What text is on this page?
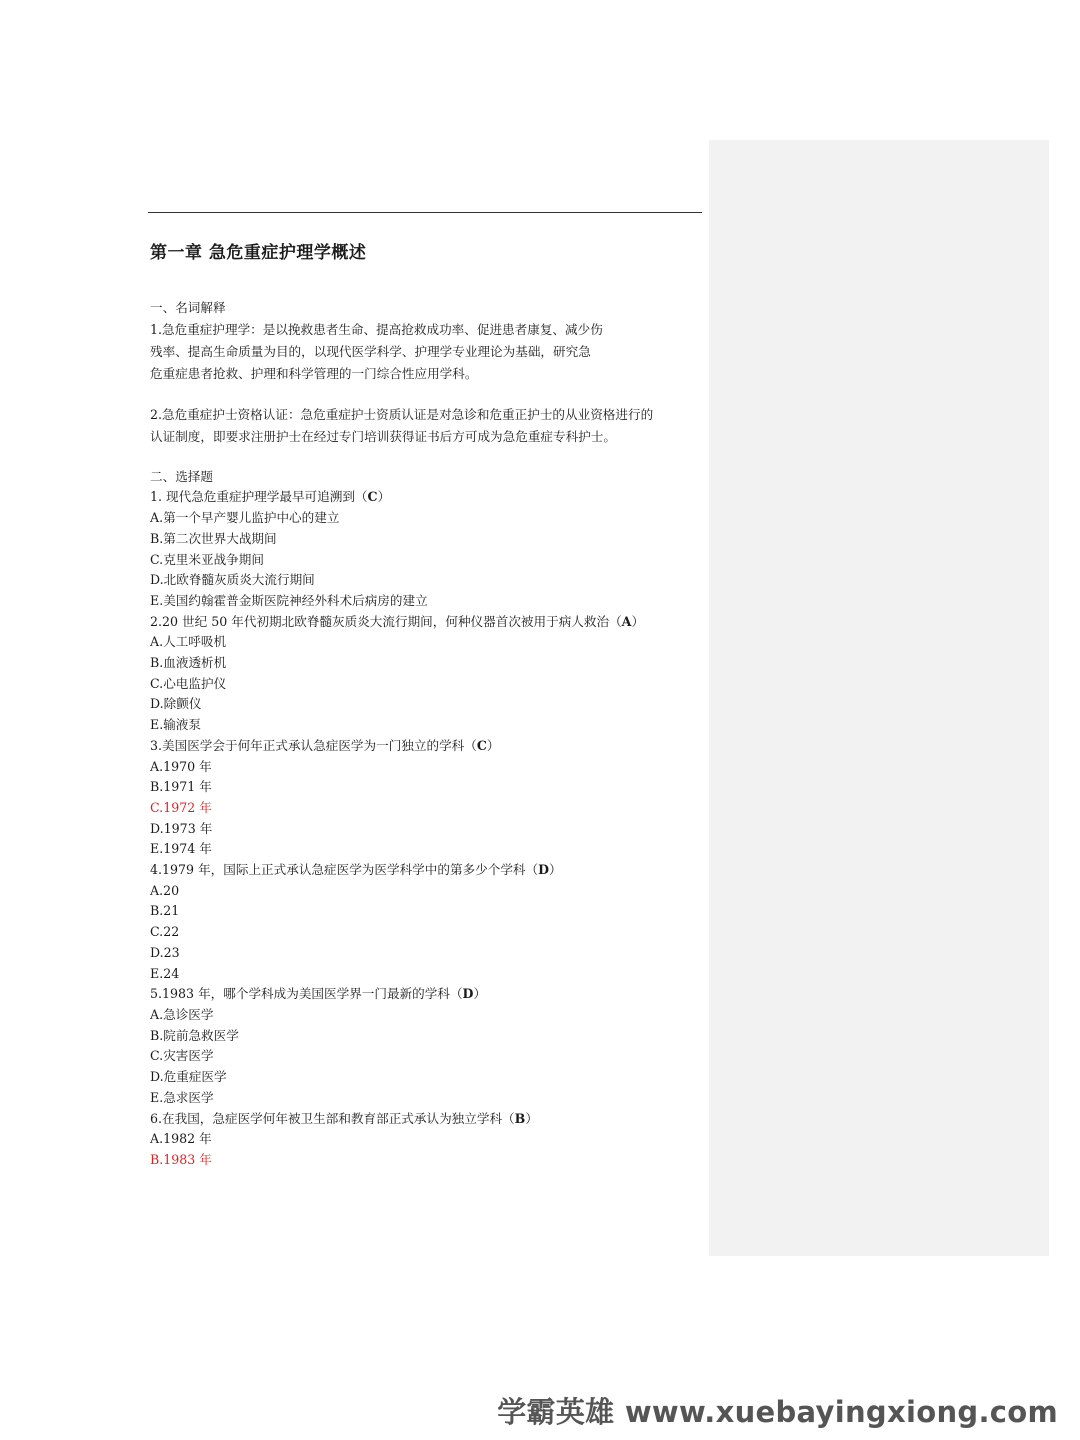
第一章 急危重症护理学概述
一、名词解释
1.急危重症护理学：是以挽救患者生命、提高抢救成功率、促进患者康复、减少伤
残率、提高生命质量为目的，以现代医学科学、护理学专业理论为基础，研究急
危重症患者抢救、护理和科学管理的一门综合性应用学科。
2.急危重症护士资格认证：急危重症护士资质认证是对急诊和危重正护士的从业资格进行的
认证制度，即要求注册护士在经过专门培训获得证书后方可成为急危重症专科护士。
二、选择题
1. 现代急危重症护理学最早可追溯到（C）
A.第一个早产婴儿监护中心的建立
B.第二次世界大战期间
C.克里米亚战争期间
D.北欧脊髓灰质炎大流行期间
E.美国约翰霍普金斯医院神经外科术后病房的建立
2.20 世纪 50 年代初期北欧脊髓灰质炎大流行期间，何种仪器首次被用于病人救治（A）
A.人工呼吸机
B.血液透析机
C.心电监护仪
D.除颤仪
E.输液泵
3.美国医学会于何年正式承认急症医学为一门独立的学科（C）
A.1970 年
B.1971 年
C.1972 年
D.1973 年
E.1974 年
4.1979 年，国际上正式承认急症医学为医学科学中的第多少个学科（D）
A.20
B.21
C.22
D.23
E.24
5.1983 年，哪个学科成为美国医学界一门最新的学科（D）
A.急诊医学
B.院前急救医学
C.灾害医学
D.危重症医学
E.急求医学
6.在我国，急症医学何年被卫生部和教育部正式承认为独立学科（B）
A.1982 年
B.1983 年
学霸英雄 www.xuebayingxiong.com
